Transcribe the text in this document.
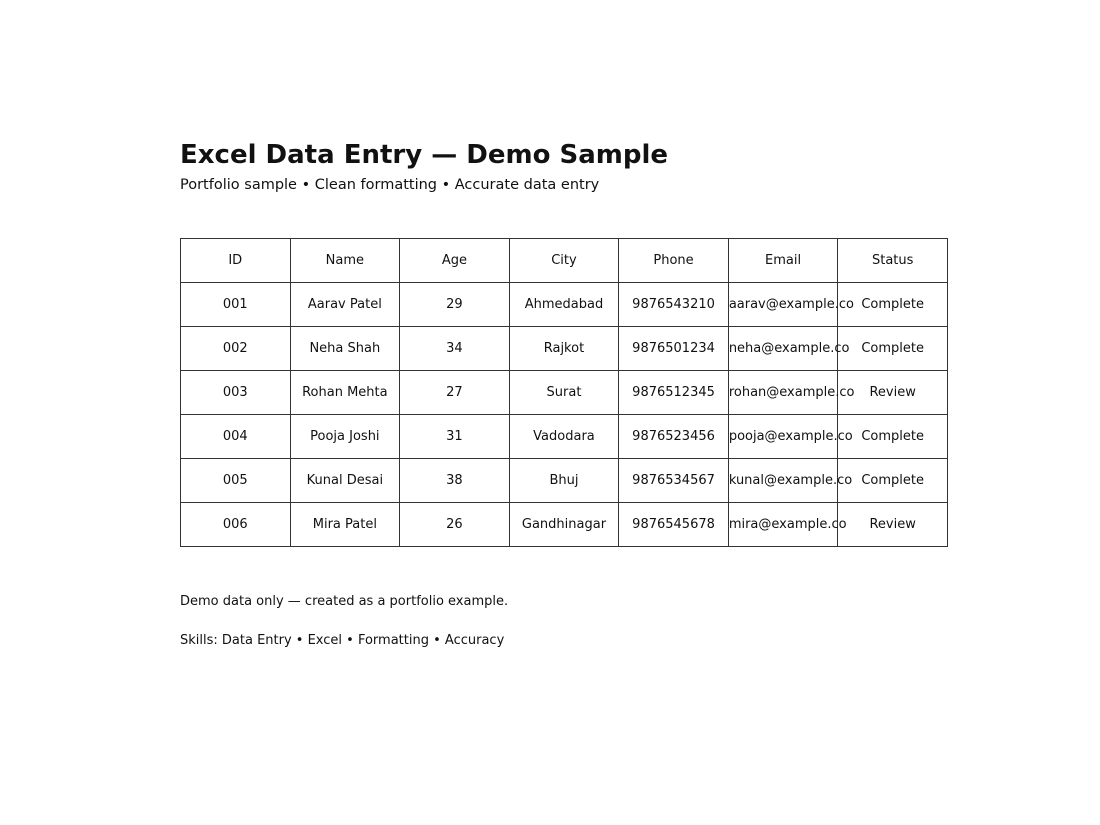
Excel Data Entry — Demo Sample

Portfolio sample • Clean formatting • Accurate data entry

ID	Name	Age	City	Phone	Email	Status
001	Aarav Patel	29	Ahmedabad	9876543210	aarav@example.co	Complete
002	Neha Shah	34	Rajkot	9876501234	neha@example.co	Complete
003	Rohan Mehta	27	Surat	9876512345	rohan@example.co	Review
004	Pooja Joshi	31	Vadodara	9876523456	pooja@example.co	Complete
005	Kunal Desai	38	Bhuj	9876534567	kunal@example.co	Complete
006	Mira Patel	26	Gandhinagar	9876545678	mira@example.co	Review

Demo data only — created as a portfolio example.

Skills: Data Entry • Excel • Formatting • Accuracy
